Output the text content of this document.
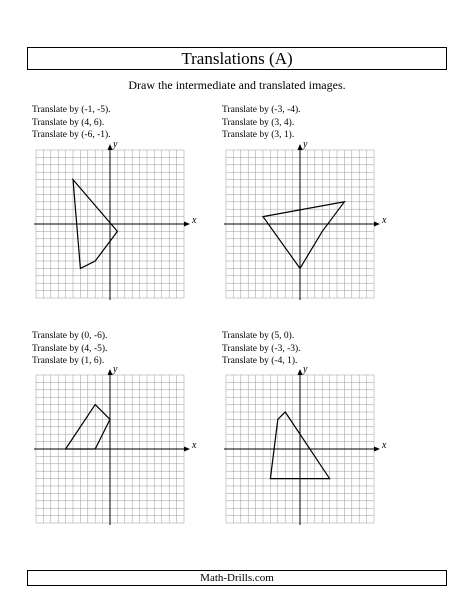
Translations (A)
Draw the intermediate and translated images.
Translate by (-1, -5).
Translate by (4, 6).
Translate by (-6, -1).
x
y
Translate by (-3, -4).
Translate by (3, 4).
Translate by (3, 1).
x
y
Translate by (0, -6).
Translate by (4, -5).
Translate by (1, 6).
x
y
Translate by (5, 0).
Translate by (-3, -3).
Translate by (-4, 1).
x
y
Math-Drills.com
